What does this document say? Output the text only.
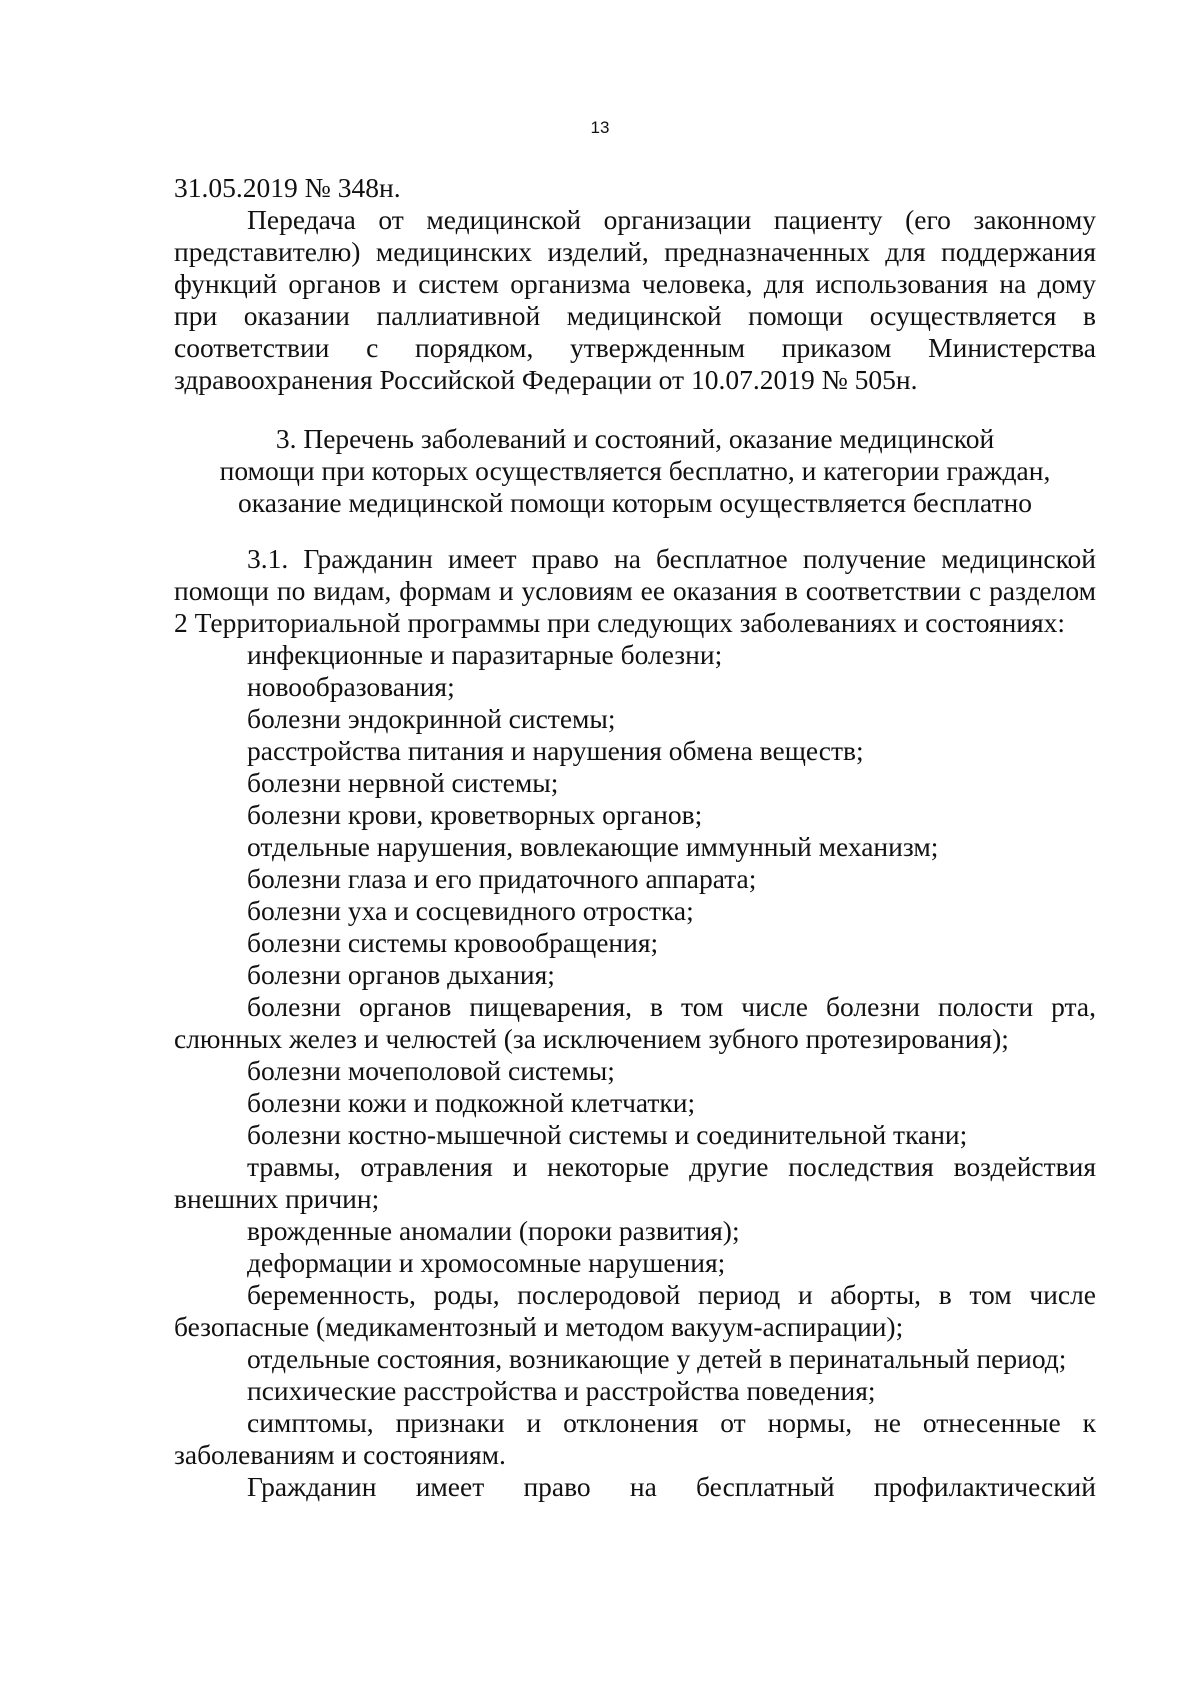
13

31.05.2019 № 348н.

Передача от медицинской организации пациенту (его законному представителю) медицинских изделий, предназначенных для поддержания функций органов и систем организма человека, для использования на дому при оказании паллиативной медицинской помощи осуществляется в соответствии с порядком, утвержденным приказом Министерства здравоохранения Российской Федерации от 10.07.2019 № 505н.

3. Перечень заболеваний и состояний, оказание медицинской
помощи при которых осуществляется бесплатно, и категории граждан,
оказание медицинской помощи которым осуществляется бесплатно

3.1. Гражданин имеет право на бесплатное получение медицинской помощи по видам, формам и условиям ее оказания в соответствии с разделом 2 Территориальной программы при следующих заболеваниях и состояниях:

инфекционные и паразитарные болезни;

новообразования;

болезни эндокринной системы;

расстройства питания и нарушения обмена веществ;

болезни нервной системы;

болезни крови, кроветворных органов;

отдельные нарушения, вовлекающие иммунный механизм;

болезни глаза и его придаточного аппарата;

болезни уха и сосцевидного отростка;

болезни системы кровообращения;

болезни органов дыхания;

болезни органов пищеварения, в том числе болезни полости рта, слюнных желез и челюстей (за исключением зубного протезирования);

болезни мочеполовой системы;

болезни кожи и подкожной клетчатки;

болезни костно-мышечной системы и соединительной ткани;

травмы, отравления и некоторые другие последствия воздействия внешних причин;

врожденные аномалии (пороки развития);

деформации и хромосомные нарушения;

беременность, роды, послеродовой период и аборты, в том числе безопасные (медикаментозный и методом вакуум-аспирации);

отдельные состояния, возникающие у детей в перинатальный период;

психические расстройства и расстройства поведения;

симптомы, признаки и отклонения от нормы, не отнесенные к заболеваниям и состояниям.

Гражданин имеет право на бесплатный профилактический
